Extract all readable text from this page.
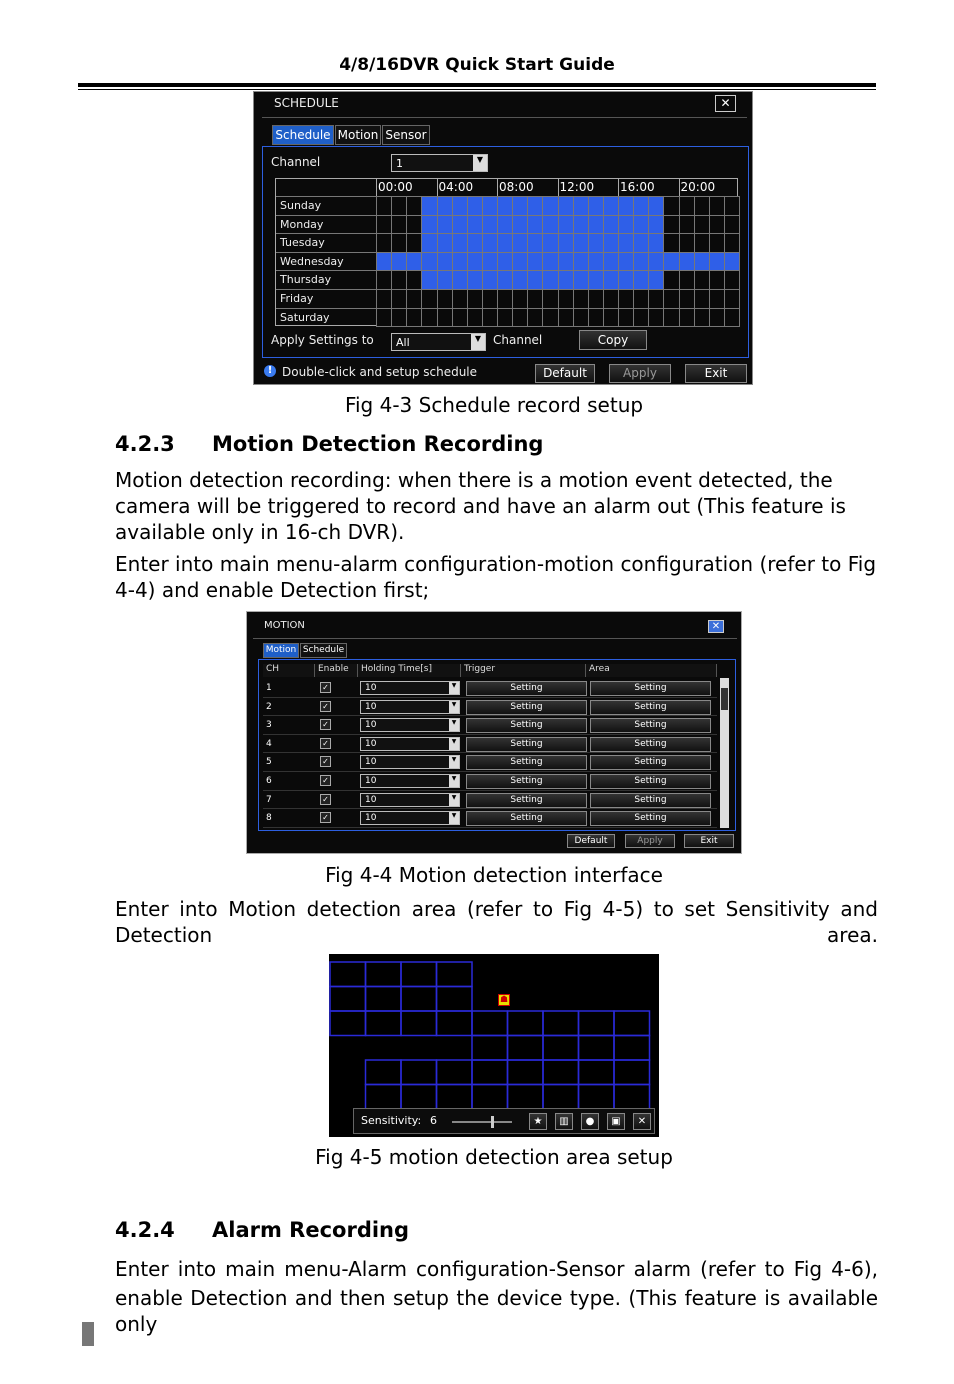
4/8/16DVR Quick Start Guide
SCHEDULE	✕
Schedule Motion Sensor
Channel	1	▼
00:00 04:00 08:00 12:00 16:00 20:00
Sunday
Monday
Tuesday
Wednesday
Thursday
Friday
Saturday
Apply Settings to All	▼ Channel	Copy
! Double-click and setup schedule	Default	Apply	Exit
Fig 4-3 Schedule record setup
4.2.3 Motion Detection Recording
Motion detection recording: when there is a motion event detected, the camera will be triggered to record and have an alarm out (This feature is available only in 16-ch DVR).
Enter into main menu-alarm configuration-motion configuration (refer to Fig 4-4) and enable Detection first;
MOTION	✕
Motion Schedule
CH	Enable	Holding Time[s]	Trigger	Area
1	✓	10	▼	Setting	Setting
2	✓	10	▼	Setting	Setting
3	✓	10	▼	Setting	Setting
4	✓	10	▼	Setting	Setting
5	✓	10	▼	Setting	Setting
6	✓	10	▼	Setting	Setting
7	✓	10	▼	Setting	Setting
8	✓	10	▼	Setting	Setting
Default	Apply	Exit
Fig 4-4 Motion detection interface
Enter into Motion detection area (refer to Fig 4-5) to set Sensitivity and Detection area.
☗
Sensitivity: 6	★	▥	●	▣	✕
Fig 4-5 motion detection area setup
4.2.4 Alarm Recording
Enter into main menu-Alarm configuration-Sensor alarm (refer to Fig 4-6),
enable Detection and then setup the device type. (This feature is available only
